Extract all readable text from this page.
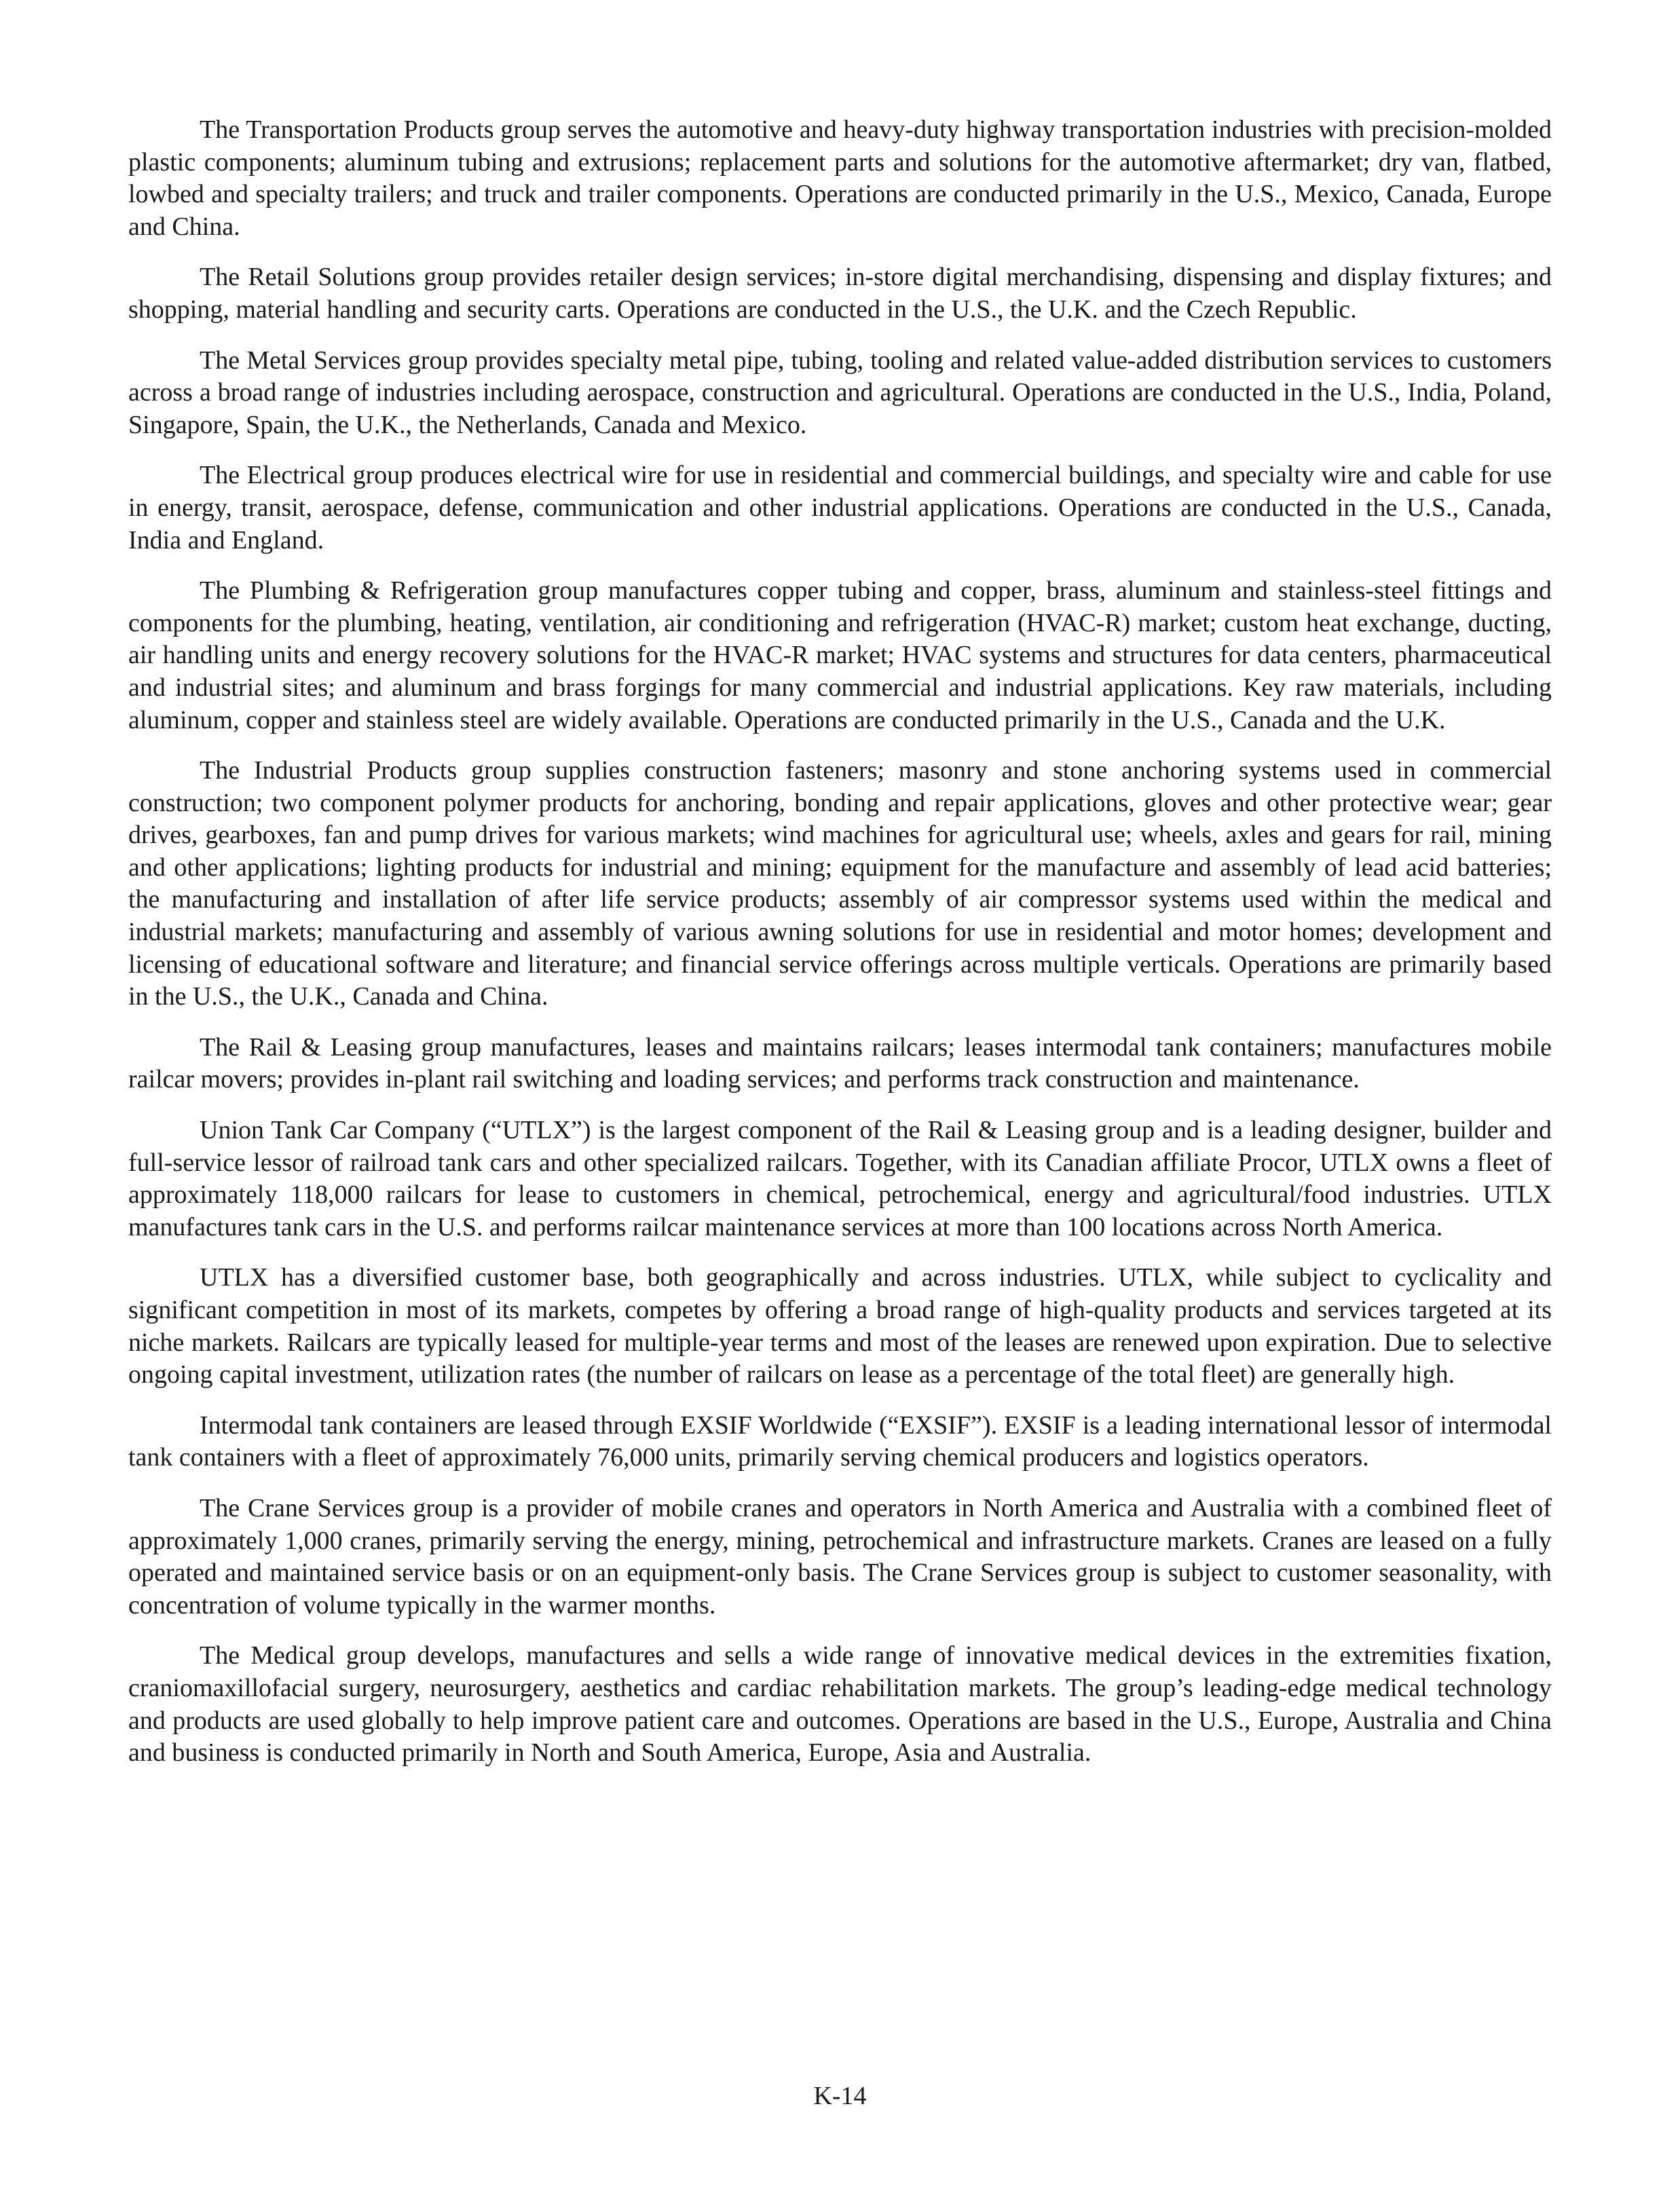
The Transportation Products group serves the automotive and heavy-duty highway transportation industries with precision-molded plastic components; aluminum tubing and extrusions; replacement parts and solutions for the automotive aftermarket; dry van, flatbed, lowbed and specialty trailers; and truck and trailer components. Operations are conducted primarily in the U.S., Mexico, Canada, Europe and China.

The Retail Solutions group provides retailer design services; in-store digital merchandising, dispensing and display fixtures; and shopping, material handling and security carts. Operations are conducted in the U.S., the U.K. and the Czech Republic.

The Metal Services group provides specialty metal pipe, tubing, tooling and related value-added distribution services to customers across a broad range of industries including aerospace, construction and agricultural. Operations are conducted in the U.S., India, Poland, Singapore, Spain, the U.K., the Netherlands, Canada and Mexico.

The Electrical group produces electrical wire for use in residential and commercial buildings, and specialty wire and cable for use in energy, transit, aerospace, defense, communication and other industrial applications. Operations are conducted in the U.S., Canada, India and England.

The Plumbing & Refrigeration group manufactures copper tubing and copper, brass, aluminum and stainless-steel fittings and components for the plumbing, heating, ventilation, air conditioning and refrigeration (HVAC-R) market; custom heat exchange, ducting, air handling units and energy recovery solutions for the HVAC-R market; HVAC systems and structures for data centers, pharmaceutical and industrial sites; and aluminum and brass forgings for many commercial and industrial applications. Key raw materials, including aluminum, copper and stainless steel are widely available. Operations are conducted primarily in the U.S., Canada and the U.K.

The Industrial Products group supplies construction fasteners; masonry and stone anchoring systems used in commercial construction; two component polymer products for anchoring, bonding and repair applications, gloves and other protective wear; gear drives, gearboxes, fan and pump drives for various markets; wind machines for agricultural use; wheels, axles and gears for rail, mining and other applications; lighting products for industrial and mining; equipment for the manufacture and assembly of lead acid batteries; the manufacturing and installation of after life service products; assembly of air compressor systems used within the medical and industrial markets; manufacturing and assembly of various awning solutions for use in residential and motor homes; development and licensing of educational software and literature; and financial service offerings across multiple verticals. Operations are primarily based in the U.S., the U.K., Canada and China.

The Rail & Leasing group manufactures, leases and maintains railcars; leases intermodal tank containers; manufactures mobile railcar movers; provides in-plant rail switching and loading services; and performs track construction and maintenance.

Union Tank Car Company (“UTLX”) is the largest component of the Rail & Leasing group and is a leading designer, builder and full-service lessor of railroad tank cars and other specialized railcars. Together, with its Canadian affiliate Procor, UTLX owns a fleet of approximately 118,000 railcars for lease to customers in chemical, petrochemical, energy and agricultural/food industries. UTLX manufactures tank cars in the U.S. and performs railcar maintenance services at more than 100 locations across North America.

UTLX has a diversified customer base, both geographically and across industries. UTLX, while subject to cyclicality and significant competition in most of its markets, competes by offering a broad range of high-quality products and services targeted at its niche markets. Railcars are typically leased for multiple-year terms and most of the leases are renewed upon expiration. Due to selective ongoing capital investment, utilization rates (the number of railcars on lease as a percentage of the total fleet) are generally high.

Intermodal tank containers are leased through EXSIF Worldwide (“EXSIF”). EXSIF is a leading international lessor of intermodal tank containers with a fleet of approximately 76,000 units, primarily serving chemical producers and logistics operators.

The Crane Services group is a provider of mobile cranes and operators in North America and Australia with a combined fleet of approximately 1,000 cranes, primarily serving the energy, mining, petrochemical and infrastructure markets. Cranes are leased on a fully operated and maintained service basis or on an equipment-only basis. The Crane Services group is subject to customer seasonality, with concentration of volume typically in the warmer months.

The Medical group develops, manufactures and sells a wide range of innovative medical devices in the extremities fixation, craniomaxillofacial surgery, neurosurgery, aesthetics and cardiac rehabilitation markets. The group’s leading-edge medical technology and products are used globally to help improve patient care and outcomes. Operations are based in the U.S., Europe, Australia and China and business is conducted primarily in North and South America, Europe, Asia and Australia.

K-14
